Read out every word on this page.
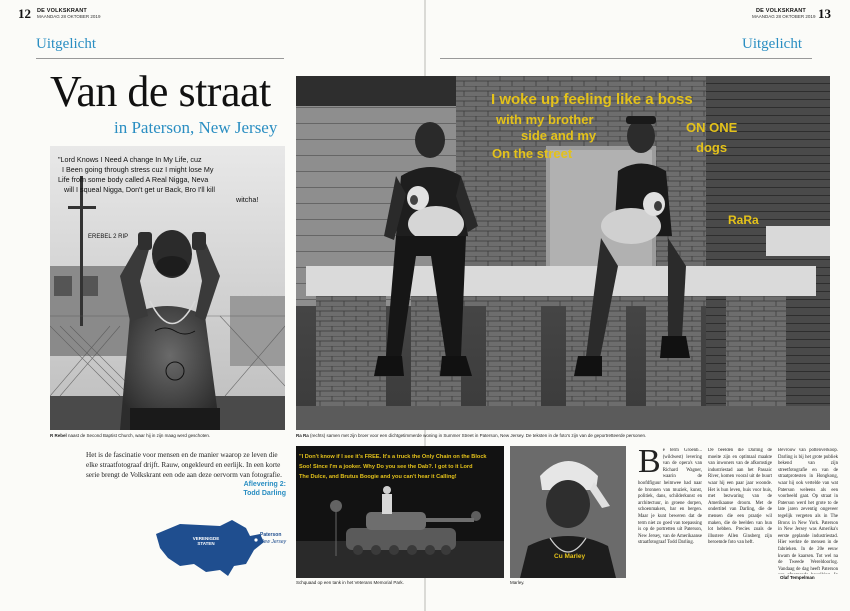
12 DE VOLKSKRANT
MAANDAG 28 OKTOBER 2019
Uitgelicht
13
DE VOLKSKRANT
MAANDAG 28 OKTOBER 2019
Uitgelicht
Van de straat
in Paterson, New Jersey
"Lord Knows I Need A change In My Life, cuz
I Been going through stress cuz I might lose My
Life from some body called A Real Nigga, Neva
will I squeal Nigga, Don't get ur Back, Bro I'll kill
witcha!
EREBEL 2 RIP
R Rebel naast de Second Baptist Church, waar hij in zijn maag werd geschoten.
I woke up feeling like a boss
with my brother
side and my
On the street
ON ONE
dogs
RaRa
Ra Ra (rechts) samen met zijn broer voor een dichtgetimmerde woning in Summer Street in Paterson, New Jersey. De teksten in de foto's zijn van de geportretteerde personen.
Het is de fascinatie voor mensen en de manier waarop ze leven die elke straatfotograaf drijft. Rauw, ongekleurd en eerlijk. In een korte serie brengt de Volkskrant een ode aan deze oervorm van fotografie.
Aflevering 2:
Todd Darling
VERENIGDE STATEN
Paterson
New Jersey
"I Don't know if I see it's FREE. It's a truck the Only Chain on the Block
Soo! Since I'm a jooker. Why Do you see the Dab?. I got to it Lord
The Dulce, and Brutus Boogie and you can't hear it Calling!
Schquaad op een tank in het Veterans Memorial Park.
Cu Marley
Marley.
Be term Groenb... (wildwest) levering van de opera's van Richard Wagner, waarin de hoofdfiguur heimwee had naar de bronnen van muziek, kunst, politiek, dans, schilderkunst en architectuur, in groene dorpen, schoenmakers, bar en bergen. Maar je kunt beweren dat de term niet zo goed van toepassing is op de portretten uit Paterson, New Jersey, van de Amerikaanse straatfotograaf Todd Darling.
De beelden die Darling de moeite zijn en optimaal maakte van inwoners van de afkomstige industriestad aan het Passaic River, komen vooral uit de buurt waar hij een paar jaar woonde. Het is hun leven, huis voor huis, met bezwaring van de Amerikaanse droom. Met de ondertitel van Darling, die de mensen die een praatje wil maken, die de beelden van hun lot hebben. Precies zoals de illustere Allen Ginsberg zijn beroemde foto van heft.
Bevrouw van pottenverkoop. Darling is bij het grote publiek bekend van zijn streetfotografie en van de straatprotesten in Hongkong, waar hij ook vertelde van wat Paterson weleens als een voorbeeld gaat. Op straat in Paterson werd het grote to de late jaren zeventig ongeveer tegelijk vergeten als in The Bronx in New York. Paterson in New Jersey was Amerika's eerste geplande industriestad. Hier werkte de mensen in de fabrieken. In de 20e eeuw kwam de kaarsen. Tot wel na de Tweede Wereldoorlog. Vandaag de dag heeft Paterson
Olaf Tempelman
